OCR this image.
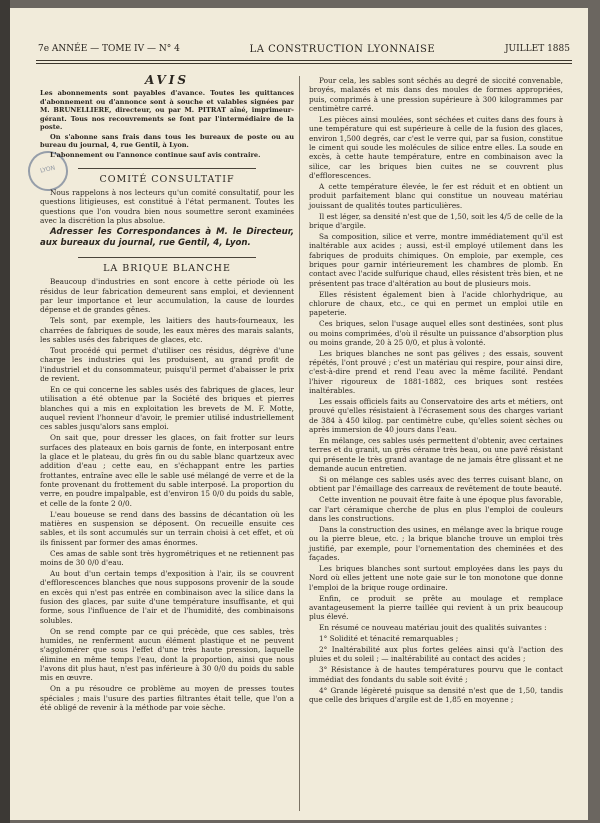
7e ANNÉE — TOME IV — N° 4	LA CONSTRUCTION LYONNAISE	JUILLET 1885
LYON
AVIS

Les abonnements sont payables d'avance. Toutes les quittances d'abonnement ou d'annonce sont à souche et valables signées par M. BRUNELLIERE, directeur, ou par M. PITRAT aîné, imprimeur-gérant. Tous nos recouvrements se font par l'intermédiaire de la poste.

On s'abonne sans frais dans tous les bureaux de poste ou au bureau du journal, 4, rue Gentil, à Lyon.

L'abonnement ou l'annonce continue sauf avis contraire.

COMITÉ CONSULTATIF

Nous rappelons à nos lecteurs qu'un comité consultatif, pour les questions litigieuses, est constitué à l'état permanent. Toutes les questions que l'on voudra bien nous soumettre seront examinées avec la discrétion la plus absolue.

Adresser les Correspondances à M. le Directeur, aux bureaux du journal, rue Gentil, 4, Lyon.

LA BRIQUE BLANCHE

Beaucoup d'industries en sont encore à cette période où les résidus de leur fabrication demeurent sans emploi, et deviennent par leur importance et leur accumulation, la cause de lourdes dépense et de grandes gênes.

Tels sont, par exemple, les laitiers des hauts-fourneaux, les charrées de fabriques de soude, les eaux mères des marais salants, les sables usés des fabriques de glaces, etc.

Tout procédé qui permet d'utiliser ces résidus, dégrève d'une charge les industries qui les produisent, au grand profit de l'industriel et du consommateur, puisqu'il permet d'abaisser le prix de revient.

En ce qui concerne les sables usés des fabriques de glaces, leur utilisation a été obtenue par la Société des briques et pierres blanches qui a mis en exploitation les brevets de M. F. Motte, auquel revient l'honneur d'avoir, le premier utilisé industriellement ces sables jusqu'alors sans emploi.

On sait que, pour dresser les glaces, on fait frotter sur leurs surfaces des plateaux en bois garnis de fonte, en interposant entre la glace et le plateau, du grès fin ou du sable blanc quartzeux avec addition d'eau ; cette eau, en s'échappant entre les parties frottantes, entraîne avec elle le sable usé mélangé de verre et de la fonte provenant du frottement du sable interposé. La proportion du verre, en poudre impalpable, est d'environ 15 0/0 du poids du sable, et celle de la fonte 2 0/0.

L'eau boueuse se rend dans des bassins de décantation où les matières en suspension se déposent. On recueille ensuite ces sables, et ils sont accumulés sur un terrain choisi à cet effet, et où ils finissent par former des amas énormes.

Ces amas de sable sont très hygrométriques et ne retiennent pas moins de 30 0/0 d'eau.

Au bout d'un certain temps d'exposition à l'air, ils se couvrent d'efflorescences blanches que nous supposons provenir de la soude en excès qui n'est pas entrée en combinaison avec la silice dans la fusion des glaces, par suite d'une température insuffisante, et qui forme, sous l'influence de l'air et de l'humidité, des combinaisons solubles.

On se rend compte par ce qui précède, que ces sables, très humides, ne renferment aucun élément plastique et ne peuvent s'agglomérer que sous l'effet d'une très haute pression, laquelle élimine en même temps l'eau, dont la proportion, ainsi que nous l'avons dit plus haut, n'est pas inférieure à 30 0/0 du poids du sable mis en œuvre.

On a pu résoudre ce problème au moyen de presses toutes spéciales ; mais l'usure des parties filtrantes était telle, que l'on a été obligé de revenir à la méthode par voie sèche.

Pour cela, les sables sont séchés au degré de siccité convenable, broyés, malaxés et mis dans des moules de formes appropriées, puis, comprimés à une pression supérieure à 300 kilogrammes par centimètre carré.

Les pièces ainsi moulées, sont séchées et cuites dans des fours à une température qui est supérieure à celle de la fusion des glaces, environ 1,500 degrés, car c'est le verre qui, par sa fusion, constitue le ciment qui soude les molécules de silice entre elles. La soude en excès, à cette haute température, entre en combinaison avec la silice, car les briques bien cuites ne se couvrent plus d'efflorescences.

A cette température élevée, le fer est réduit et en obtient un produit parfaitement blanc qui constitue un nouveau matériau jouissant de qualités toutes particulières.

Il est léger, sa densité n'est que de 1,50, soit les 4/5 de celle de la brique d'argile.

Sa composition, silice et verre, montre immédiatement qu'il est inaltérable aux acides ; aussi, est-il employé utilement dans les fabriques de produits chimiques. On emploie, par exemple, ces briques pour garnir intérieurement les chambres de plomb. En contact avec l'acide sulfurique chaud, elles résistent très bien, et ne présentent pas trace d'altération au bout de plusieurs mois.

Elles résistent également bien à l'acide chlorhydrique, au chlorure de chaux, etc., ce qui en permet un emploi utile en papeterie.

Ces briques, selon l'usage auquel elles sont destinées, sont plus ou moins comprimées, d'où il résulte un puissance d'absorption plus ou moins grande, 20 à 25 0/0, et plus à volonté.

Les briques blanches ne sont pas gélives ; des essais, souvent répétés, l'ont prouvé ; c'est un matériau qui respire, pour ainsi dire, c'est-à-dire prend et rend l'eau avec la même facilité. Pendant l'hiver rigoureux de 1881-1882, ces briques sont restées inaltérables.

Les essais officiels faits au Conservatoire des arts et métiers, ont prouvé qu'elles résistaient à l'écrasement sous des charges variant de 384 à 450 kilog. par centimètre cube, qu'elles soient sèches ou après immersion de 40 jours dans l'eau.

En mélange, ces sables usés permettent d'obtenir, avec certaines terres et du granit, un grès cérame très beau, ou une pavé résistant qui présente le très grand avantage de ne jamais être glissant et ne demande aucun entretien.

Si on mélange ces sables usés avec des terres cuisant blanc, on obtient par l'émaillage des carreaux de revêtement de toute beauté.

Cette invention ne pouvait être faite à une époque plus favorable, car l'art céramique cherche de plus en plus l'emploi de couleurs dans les constructions.

Dans la construction des usines, en mélange avec la brique rouge ou la pierre bleue, etc. ; la brique blanche trouve un emploi très justifié, par exemple, pour l'ornementation des cheminées et des façades.

Les briques blanches sont surtout employées dans les pays du Nord où elles jettent une note gaie sur le ton monotone que donne l'emploi de la brique rouge ordinaire.

Enfin, ce produit se prête au moulage et remplace avantageusement la pierre taillée qui revient à un prix beaucoup plus élevé.

En résumé ce nouveau matériau jouit des qualités suivantes :

1° Solidité et ténacité remarquables ;

2° Inaltérabilité aux plus fortes gelées ainsi qu'à l'action des pluies et du soleil ; — inaltérabilité au contact des acides ;

3° Résistance à de hautes températures pourvu que le contact immédiat des fondants du sable soit évité ;

4° Grande légèreté puisque sa densité n'est que de 1,50, tandis que celle des briques d'argile est de 1,85 en moyenne ;
